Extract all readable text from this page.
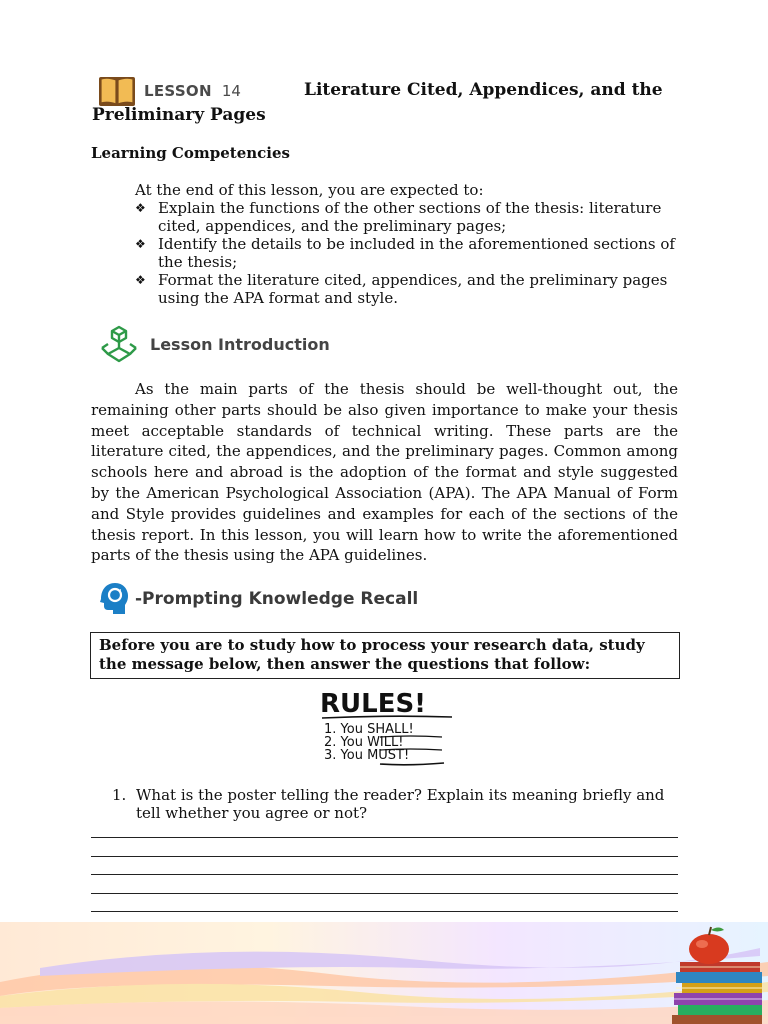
LESSON 14	Literature Cited, Appendices, and the
Preliminary Pages
Learning Competencies
At the end of this lesson, you are expected to:
❖ Explain the functions of the other sections of the thesis: literature cited, appendices, and the preliminary pages;
❖ Identify the details to be included in the aforementioned sections of the thesis;
❖ Format the literature cited, appendices, and the preliminary pages using the APA format and style.
Lesson Introduction
As the main parts of the thesis should be well-thought out, the remaining other parts should be also given importance to make your thesis meet acceptable standards of technical writing. These parts are the literature cited, the appendices, and the preliminary pages. Common among schools here and abroad is the adoption of the format and style suggested by the American Psychological Association (APA). The APA Manual of Form and Style provides guidelines and examples for each of the sections of the thesis report. In this lesson, you will learn how to write the aforementioned parts of the thesis using the APA guidelines.
-Prompting Knowledge Recall
Before you are to study how to process your research data, study the message below, then answer the questions that follow:
RULES!
1. You SHALL!
2. You WILL!
3. You MUST!
1. What is the poster telling the reader? Explain its meaning briefly and tell whether you agree or not?
